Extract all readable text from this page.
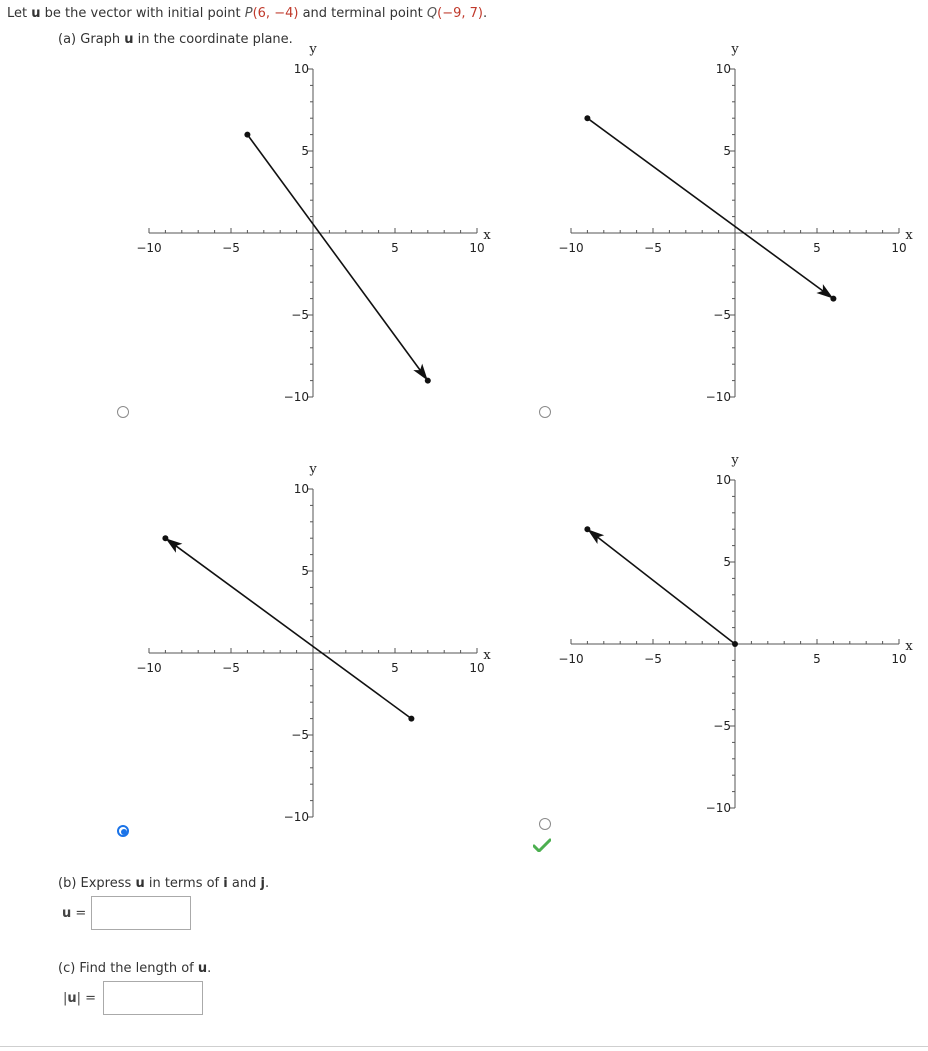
Let u be the vector with initial point P(6, −4) and terminal point Q(−9, 7).
(a) Graph u in the coordinate plane.
−10
−10
−5
−5
5
5
10
10
x
y
−10
−10
−5
−5
5
5
10
10
x
y
−10
−10
−5
−5
5
5
10
10
x
y
−10
−10
−5
−5
5
5
10
10
x
y
(b) Express u in terms of i and j.
u =
(c) Find the length of u.
|u| =
